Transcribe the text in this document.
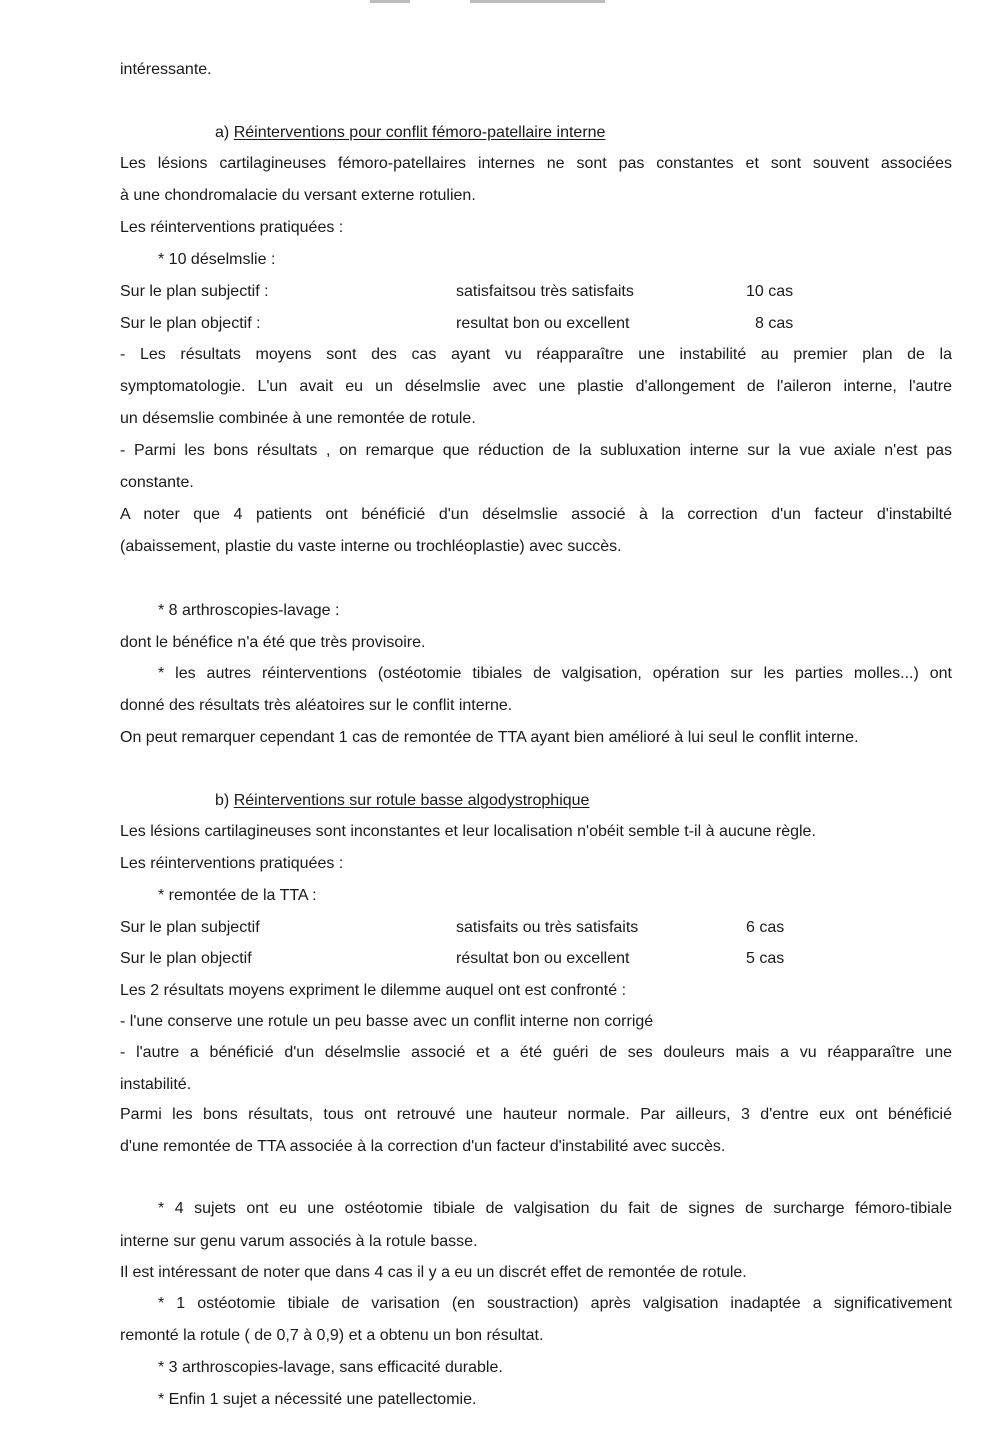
intéressante.
a) Réinterventions pour conflit fémoro-patellaire interne
Les lésions cartilagineuses fémoro-patellaires internes ne sont pas constantes et sont souvent associées
à une chondromalacie du versant externe rotulien.
Les réinterventions pratiquées :
* 10 déselmslie :
Sur le plan subjectif :	satisfaitsou très satisfaits	10 cas
Sur le plan objectif :	resultat bon ou excellent	8 cas
- Les résultats moyens sont des cas ayant vu réapparaître une instabilité au premier plan de la
symptomatologie. L'un avait eu un déselmslie avec une plastie d'allongement de l'aileron interne, l'autre
un désemslie combinée à une remontée de rotule.
- Parmi les bons résultats , on remarque que réduction de la subluxation interne sur la vue axiale n'est pas
constante.
A noter que 4 patients ont bénéficié d'un déselmslie associé à la correction d'un facteur d'instabilté
(abaissement, plastie du vaste interne ou trochléoplastie) avec succès.
* 8 arthroscopies-lavage :
dont le bénéfice n'a été que très provisoire.
* les autres réinterventions (ostéotomie tibiales de valgisation, opération sur les parties molles...) ont
donné des résultats très aléatoires sur le conflit interne.
On peut remarquer cependant 1 cas de remontée de TTA ayant bien amélioré à lui seul le conflit interne.
b) Réinterventions sur rotule basse algodystrophique
Les lésions cartilagineuses sont inconstantes et leur localisation n'obéit semble t-il à aucune règle.
Les réinterventions pratiquées :
* remontée de la TTA :
Sur le plan subjectif	satisfaits ou très satisfaits	6 cas
Sur le plan objectif	résultat bon ou excellent	5 cas
Les 2 résultats moyens expriment le dilemme auquel ont est confronté :
- l'une conserve une rotule un peu basse avec un conflit interne non corrigé
- l'autre a bénéficié d'un déselmslie associé et a été guéri de ses douleurs mais a vu réapparaître une
instabilité.
Parmi les bons résultats, tous ont retrouvé une hauteur normale. Par ailleurs, 3 d'entre eux ont bénéficié
d'une remontée de TTA associée à la correction d'un facteur d'instabilité avec succès.
* 4 sujets ont eu une ostéotomie tibiale de valgisation du fait de signes de surcharge fémoro-tibiale
interne sur genu varum associés à la rotule basse.
Il est intéressant de noter que dans 4 cas il y a eu un discrét effet de remontée de rotule.
* 1 ostéotomie tibiale de varisation (en soustraction) après valgisation inadaptée a significativement
remonté la rotule ( de 0,7 à 0,9) et a obtenu un bon résultat.
* 3 arthroscopies-lavage, sans efficacité durable.
* Enfin 1 sujet a nécessité une patellectomie.
